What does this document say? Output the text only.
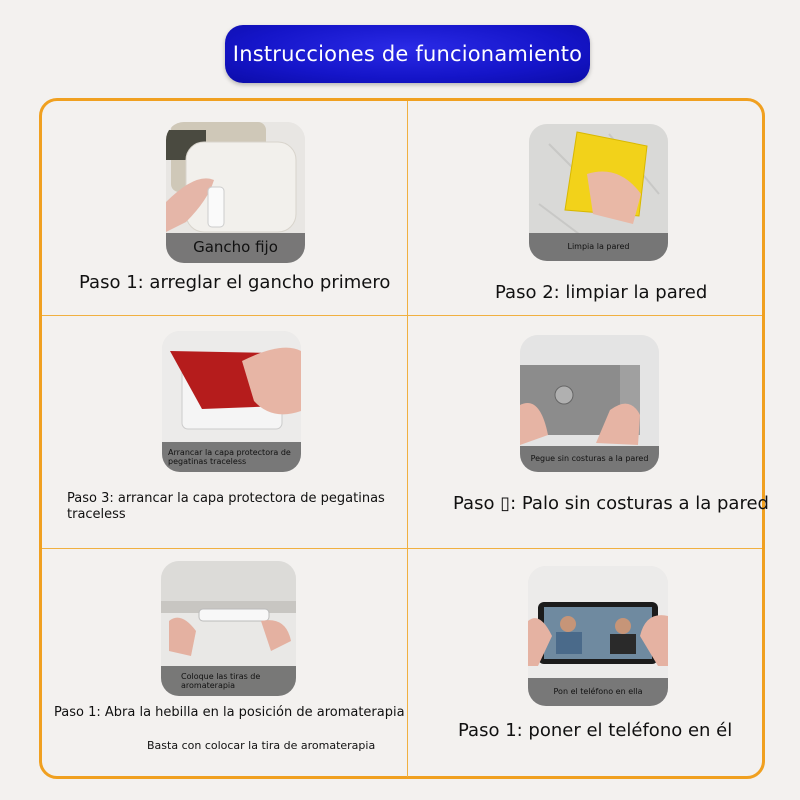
Instrucciones de funcionamiento
Gancho fijo
Paso 1: arreglar el gancho primero
Limpia la pared
Paso 2: limpiar la pared
Arrancar la capa protectora de pegatinas traceless
Paso 3: arrancar la capa protectora de pegatinas traceless
Pegue sin costuras a la pared
Paso ▯: Palo sin costuras a la pared
Coloque las tiras de aromaterapia
Paso 1: Abra la hebilla en la posición de aromaterapia
Basta con colocar la tira de aromaterapia
Pon el teléfono en ella
Paso 1: poner el teléfono en él
